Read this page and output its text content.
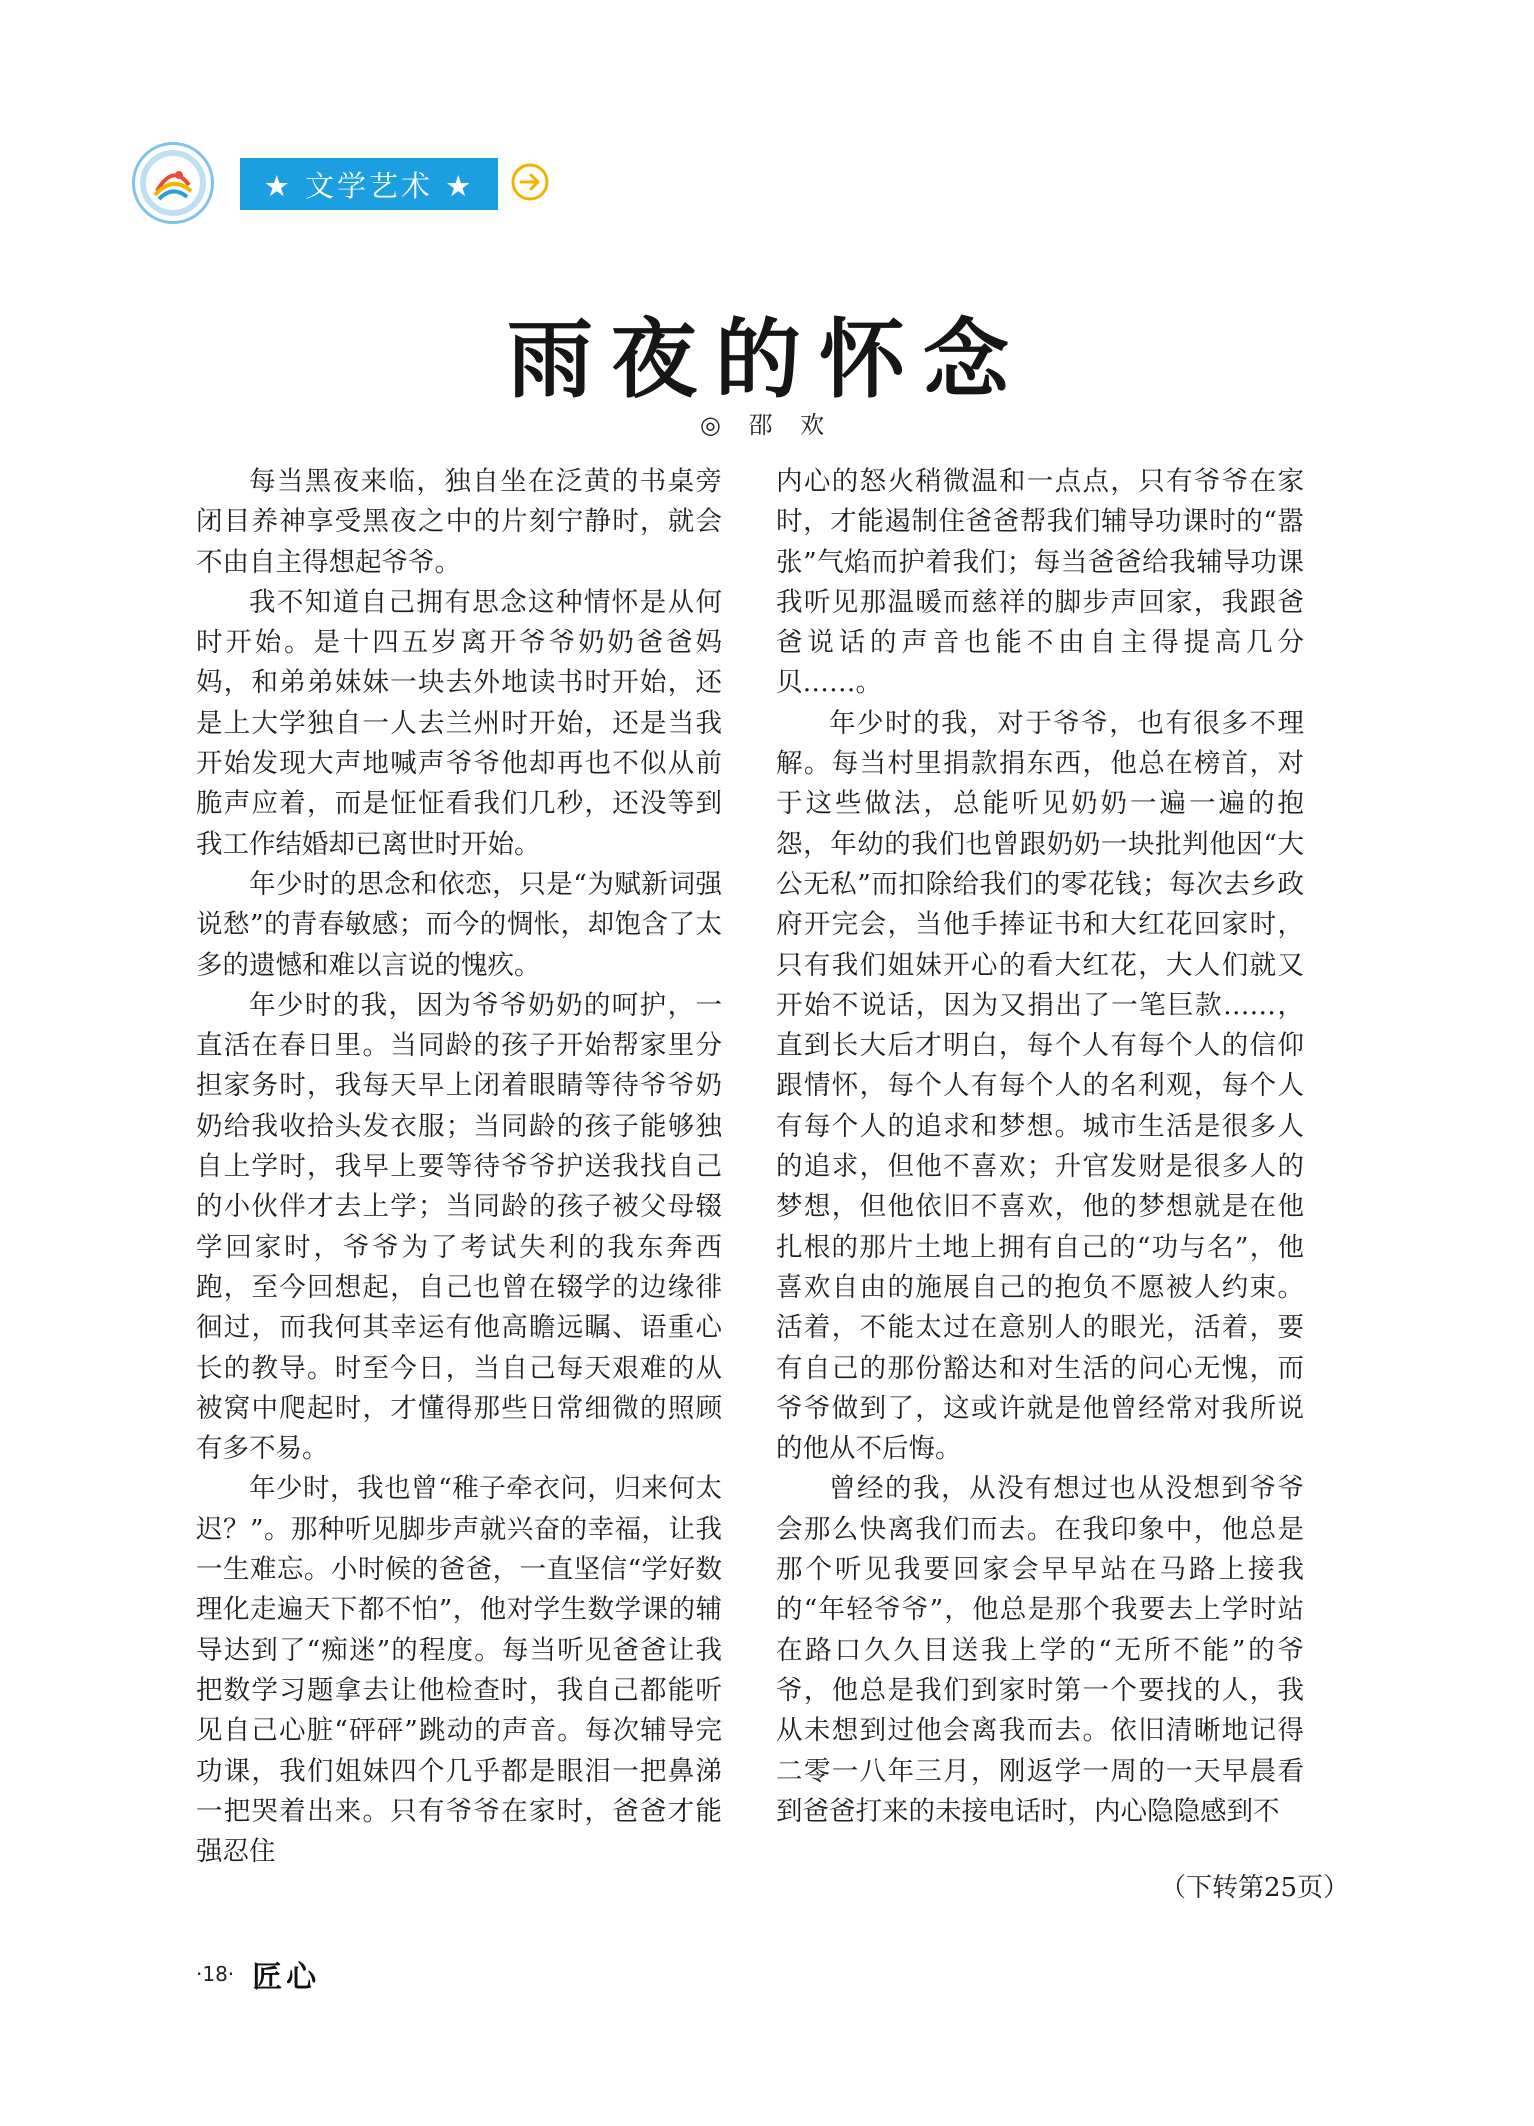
★ 文学艺术 ★
雨夜的怀念
◎ 邵 欢

每当黑夜来临，独自坐在泛黄的书桌旁闭目养神享受黑夜之中的片刻宁静时，就会不由自主得想起爷爷。

我不知道自己拥有思念这种情怀是从何时开始。是十四五岁离开爷爷奶奶爸爸妈妈，和弟弟妹妹一块去外地读书时开始，还是上大学独自一人去兰州时开始，还是当我开始发现大声地喊声爷爷他却再也不似从前脆声应着，而是怔怔看我们几秒，还没等到我工作结婚却已离世时开始。

年少时的思念和依恋，只是“为赋新词强说愁”的青春敏感；而今的惆怅，却饱含了太多的遗憾和难以言说的愧疚。

年少时的我，因为爷爷奶奶的呵护，一直活在春日里。当同龄的孩子开始帮家里分担家务时，我每天早上闭着眼睛等待爷爷奶奶给我收拾头发衣服；当同龄的孩子能够独自上学时，我早上要等待爷爷护送我找自己的小伙伴才去上学；当同龄的孩子被父母辍学回家时，爷爷为了考试失利的我东奔西跑，至今回想起，自己也曾在辍学的边缘徘徊过，而我何其幸运有他高瞻远瞩、语重心长的教导。时至今日，当自己每天艰难的从被窝中爬起时，才懂得那些日常细微的照顾有多不易。

年少时，我也曾“稚子牵衣问，归来何太迟？”。那种听见脚步声就兴奋的幸福，让我一生难忘。小时候的爸爸，一直坚信“学好数理化走遍天下都不怕”，他对学生数学课的辅导达到了“痴迷”的程度。每当听见爸爸让我把数学习题拿去让他检查时，我自己都能听见自己心脏“砰砰”跳动的声音。每次辅导完功课，我们姐妹四个几乎都是眼泪一把鼻涕一把哭着出来。只有爷爷在家时，爸爸才能强忍住

内心的怒火稍微温和一点点，只有爷爷在家时，才能遏制住爸爸帮我们辅导功课时的“嚣张”气焰而护着我们；每当爸爸给我辅导功课我听见那温暖而慈祥的脚步声回家，我跟爸爸说话的声音也能不由自主得提高几分贝……。

年少时的我，对于爷爷，也有很多不理解。每当村里捐款捐东西，他总在榜首，对于这些做法，总能听见奶奶一遍一遍的抱怨，年幼的我们也曾跟奶奶一块批判他因“大公无私”而扣除给我们的零花钱；每次去乡政府开完会，当他手捧证书和大红花回家时，只有我们姐妹开心的看大红花，大人们就又开始不说话，因为又捐出了一笔巨款……，直到长大后才明白，每个人有每个人的信仰跟情怀，每个人有每个人的名利观，每个人有每个人的追求和梦想。城市生活是很多人的追求，但他不喜欢；升官发财是很多人的梦想，但他依旧不喜欢，他的梦想就是在他扎根的那片土地上拥有自己的“功与名”，他喜欢自由的施展自己的抱负不愿被人约束。活着，不能太过在意别人的眼光，活着，要有自己的那份豁达和对生活的问心无愧，而爷爷做到了，这或许就是他曾经常对我所说的他从不后悔。

曾经的我，从没有想过也从没想到爷爷会那么快离我们而去。在我印象中，他总是那个听见我要回家会早早站在马路上接我的“年轻爷爷”，他总是那个我要去上学时站在路口久久目送我上学的“无所不能”的爷爷，他总是我们到家时第一个要找的人，我从未想到过他会离我而去。依旧清晰地记得二零一八年三月，刚返学一周的一天早晨看到爸爸打来的未接电话时，内心隐隐感到不

（下转第25页）
·18· 匠心
